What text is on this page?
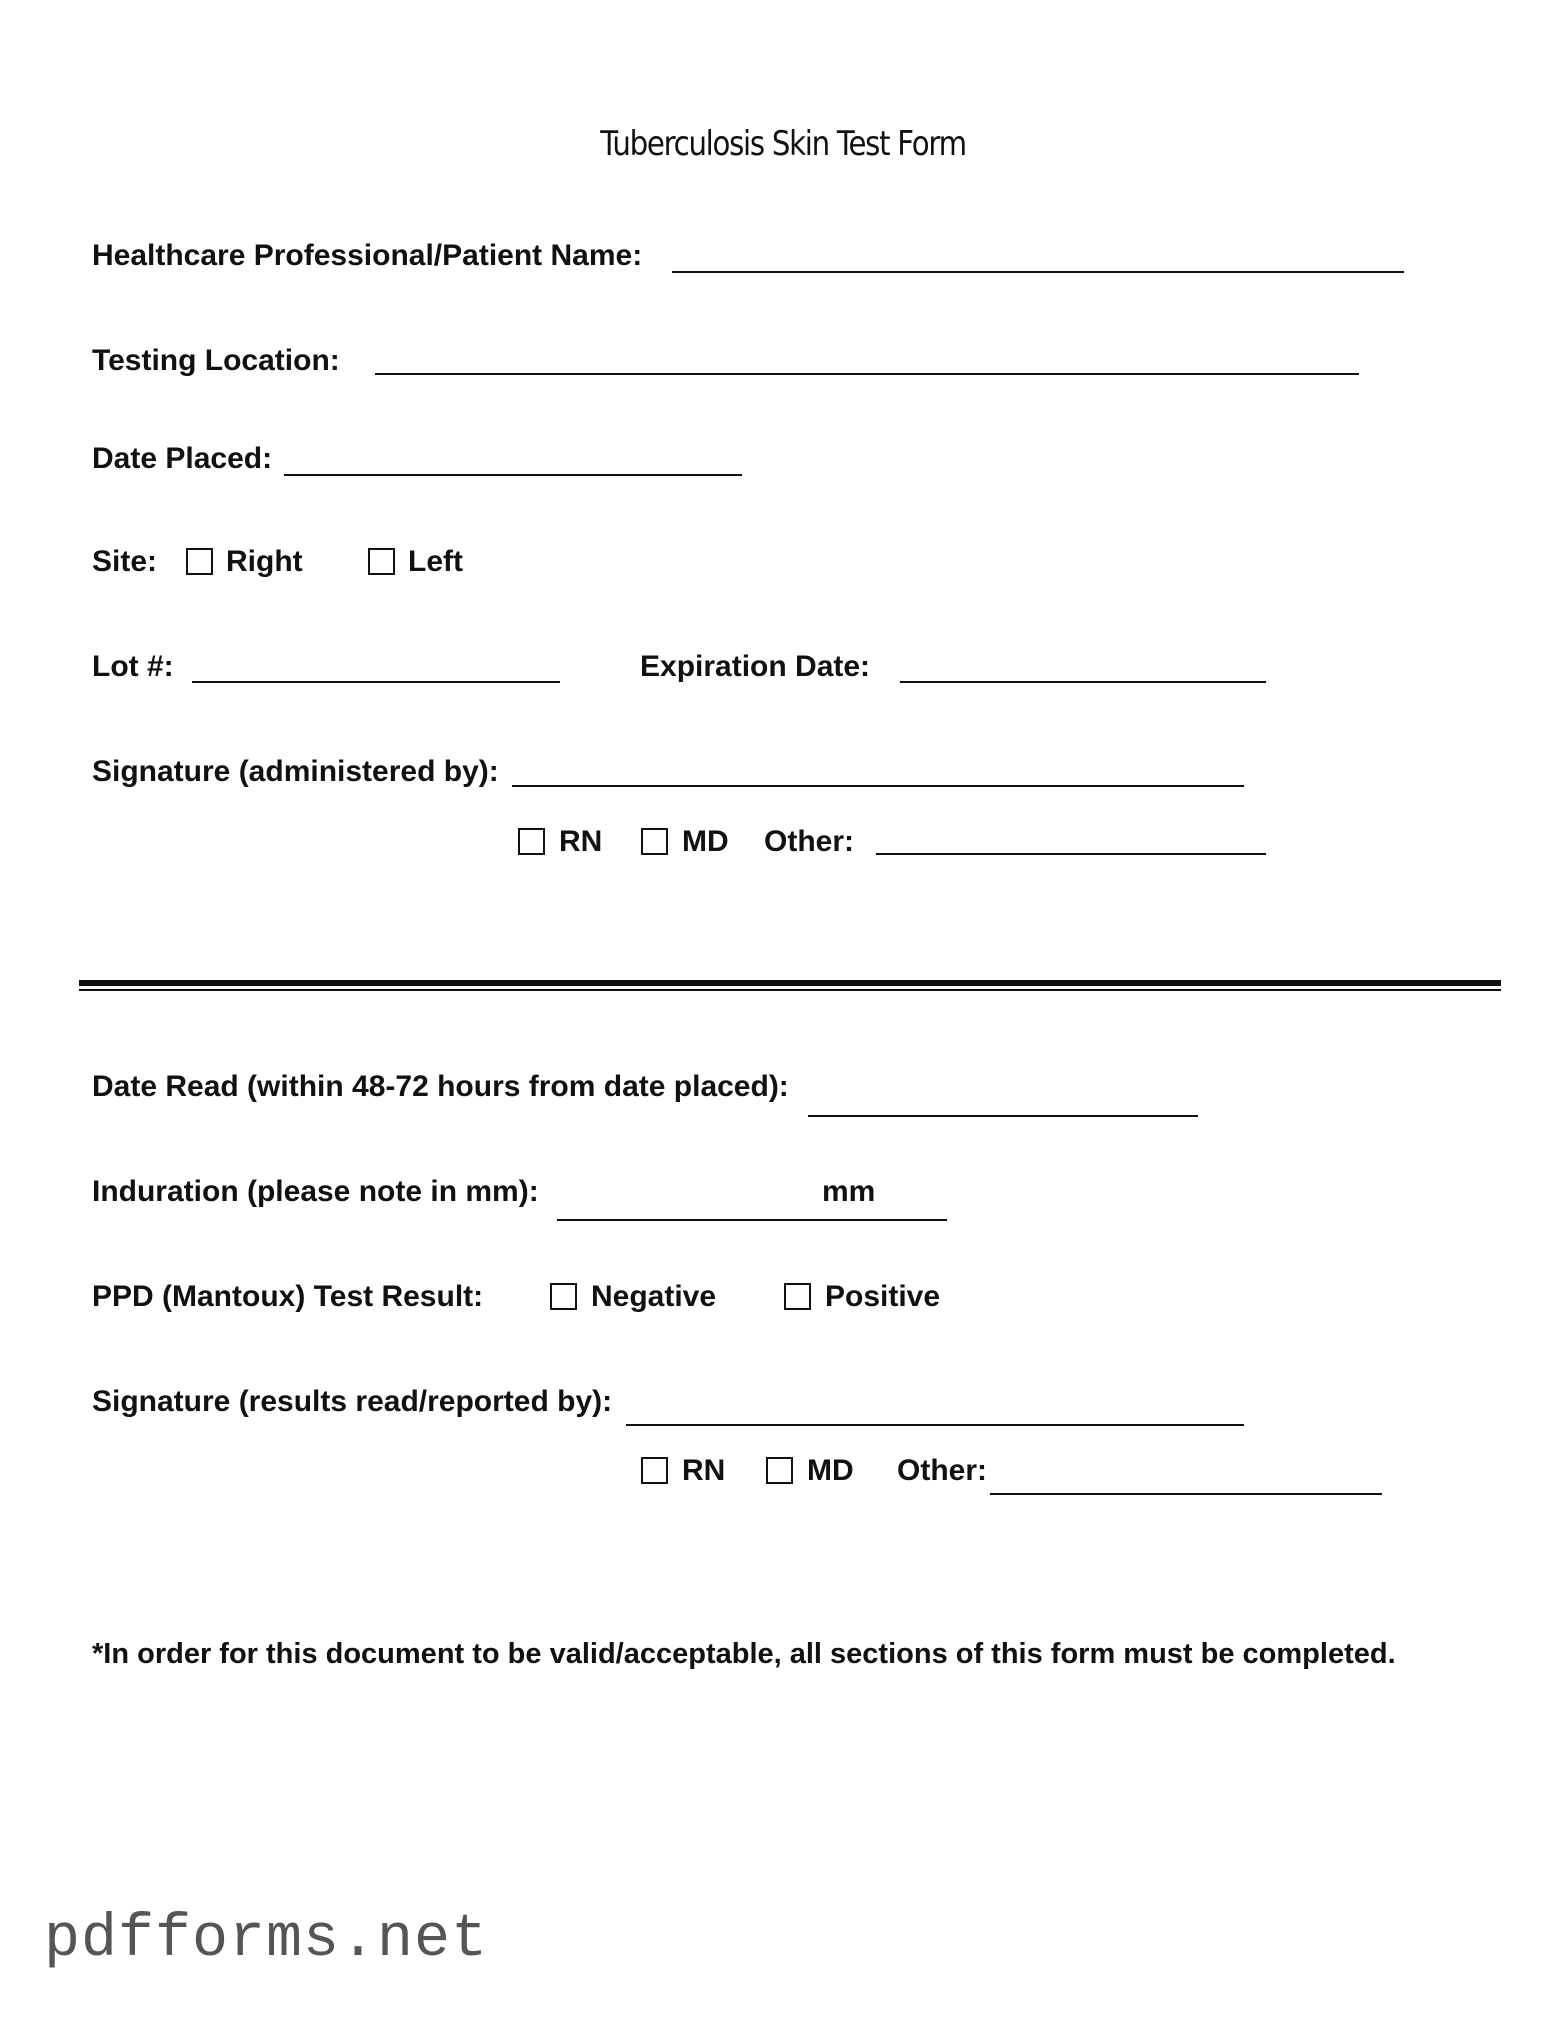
Tuberculosis Skin Test Form
Healthcare Professional/Patient Name:
Testing Location:
Date Placed:
Site: Right	Left
Lot #:	Expiration Date:
Signature (administered by):
RN	MD Other:
Date Read (within 48-72 hours from date placed):
Induration (please note in mm):	mm
PPD (Mantoux) Test Result:	Negative	Positive
Signature (results read/reported by):
RN	MD Other:
*In order for this document to be valid/acceptable, all sections of this form must be completed.
pdfforms.net
